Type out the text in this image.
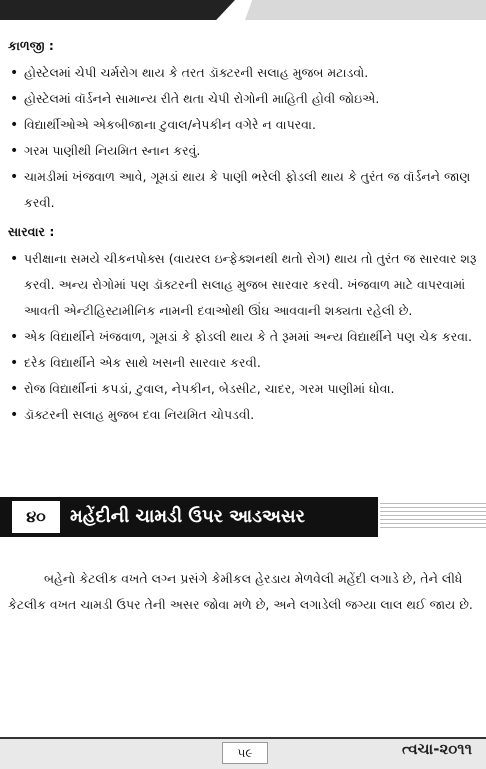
કાળજી :
• હોસ્ટેલમાં ચેપી ચર્મરોગ થાય કે તરત ડૉક્ટરની સલાહ મુજબ મટાડવો.
• હોસ્ટેલમાં વૉર્ડનને સામાન્ય રીતે થતા ચેપી રોગોની માહિતી હોવી જોઇએ.
• વિદ્યાર્થીઓએ એકબીજાના ટુવાલ/નેપકીન વગેરે ન વાપરવા.
• ગરમ પાણીથી નિયમિત સ્નાન કરવું.
• ચામડીમાં ખંજવાળ આવે, ગૂમડાં થાય કે પાણી ભરેલી ફોડલી થાય કે તુરંત જ વૉર્ડનને જાણ કરવી.
સારવાર :
• પરીક્ષાના સમયે ચીકનપોક્સ (વાયરલ ઇન્ફેક્શનથી થતો રોગ) થાય તો તુરંત જ સારવાર શરૂ કરવી. અન્ય રોગોમાં પણ ડૉક્ટરની સલાહ મુજબ સારવાર કરવી. ખંજવાળ માટે વાપરવામાં આવતી એન્ટીહિસ્ટામીનિક નામની દવાઓથી ઊંઘ આવવાની શક્યતા રહેલી છે.
• એક વિદ્યાર્થીને ખંજવાળ, ગૂમડાં કે ફોડલી થાય કે તે રૂમમાં અન્ય વિદ્યાર્થીને પણ ચેક કરવા.
• દરેક વિદ્યાર્થીને એક સાથે ખસની સારવાર કરવી.
• રોજ વિદ્યાર્થીનાં કપડાં, ટુવાલ, નેપકીન, બેડસીટ, ચાદર, ગરમ પાણીમાં ધોવા.
• ડૉક્ટરની સલાહ મુજબ દવા નિયમિત ચોપડવી.
૪૦	મહેંદીની ચામડી ઉપર આડઅસર

બહેનો કેટલીક વખતે લગ્ન પ્રસંગે કેમીકલ હેરડાય મેળવેલી મહેંદી લગાડે છે, તેને લીધે કેટલીક વખત ચામડી ઉપર તેની અસર જોવા મળે છે, અને લગાડેલી જગ્યા લાલ થઈ જાય છે.

૫૯	ત્વચા-૨૦૧૧
